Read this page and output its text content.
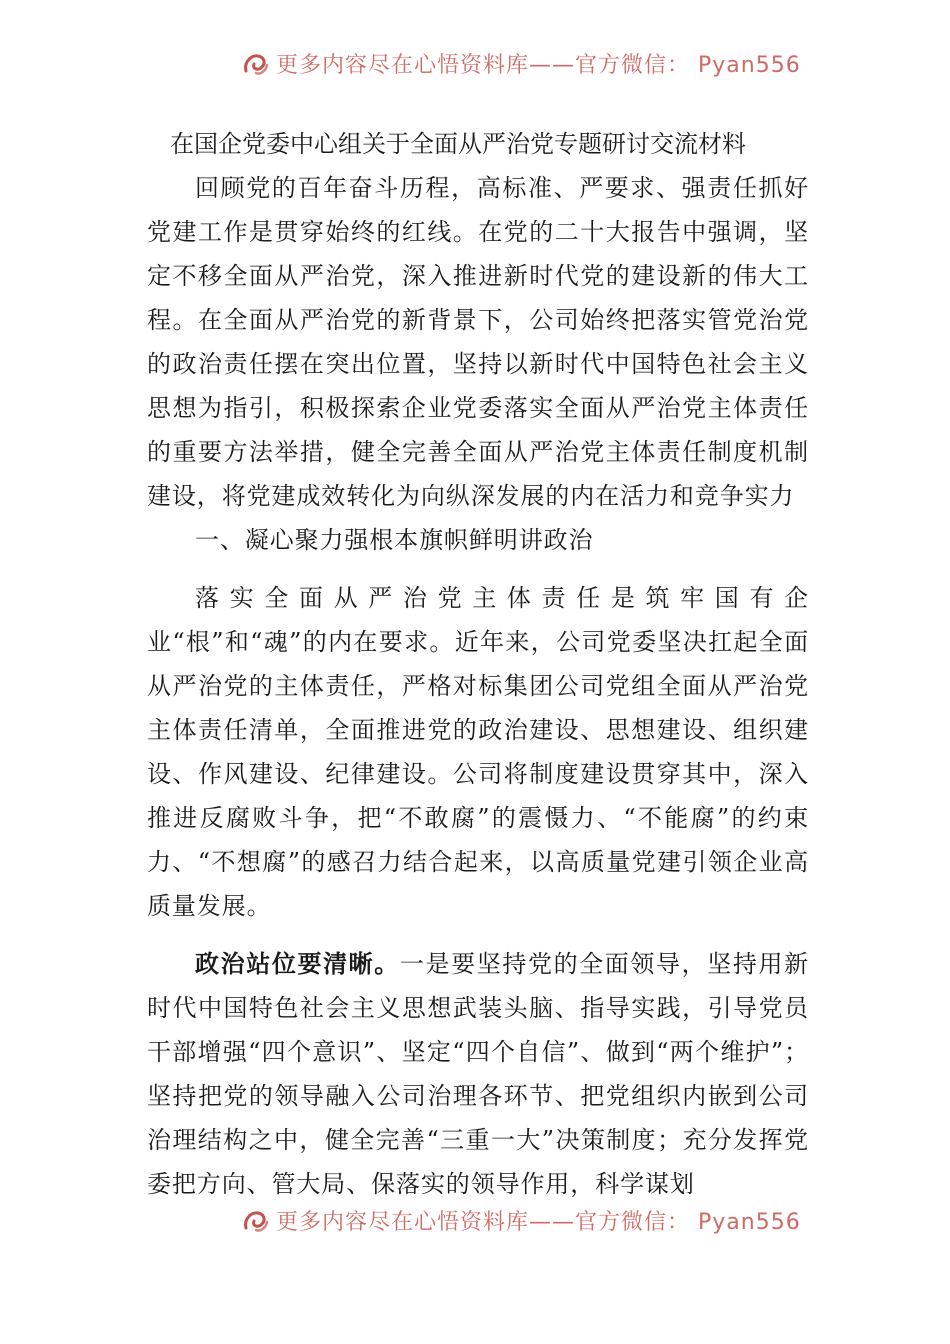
更多内容尽在心悟资料库——官方微信： Pyan556
在国企党委中心组关于全面从严治党专题研讨交流材料

回顾党的百年奋斗历程，高标准、严要求、强责任抓好党建工作是贯穿始终的红线。在党的二十大报告中强调，坚定不移全面从严治党，深入推进新时代党的建设新的伟大工程。在全面从严治党的新背景下，公司始终把落实管党治党的政治责任摆在突出位置，坚持以新时代中国特色社会主义思想为指引，积极探索企业党委落实全面从严治党主体责任的重要方法举措，健全完善全面从严治党主体责任制度机制建设，将党建成效转化为向纵深发展的内在活力和竞争实力

一、凝心聚力强根本旗帜鲜明讲政治

落实全面从严治党主体责任是筑牢国有企业“根”和“魂”的内在要求。近年来，公司党委坚决扛起全面从严治党的主体责任，严格对标集团公司党组全面从严治党主体责任清单，全面推进党的政治建设、思想建设、组织建设、作风建设、纪律建设。公司将制度建设贯穿其中，深入推进反腐败斗争，把“不敢腐”的震慑力、“不能腐”的约束力、“不想腐”的感召力结合起来，以高质量党建引领企业高质量发展。

政治站位要清晰。一是要坚持党的全面领导，坚持用新时代中国特色社会主义思想武装头脑、指导实践，引导党员干部增强“四个意识”、坚定“四个自信”、做到“两个维护”；坚持把党的领导融入公司治理各环节、把党组织内嵌到公司治理结构之中，健全完善“三重一大”决策制度；充分发挥党委把方向、管大局、保落实的领导作用，科学谋划

更多内容尽在心悟资料库——官方微信： Pyan556
